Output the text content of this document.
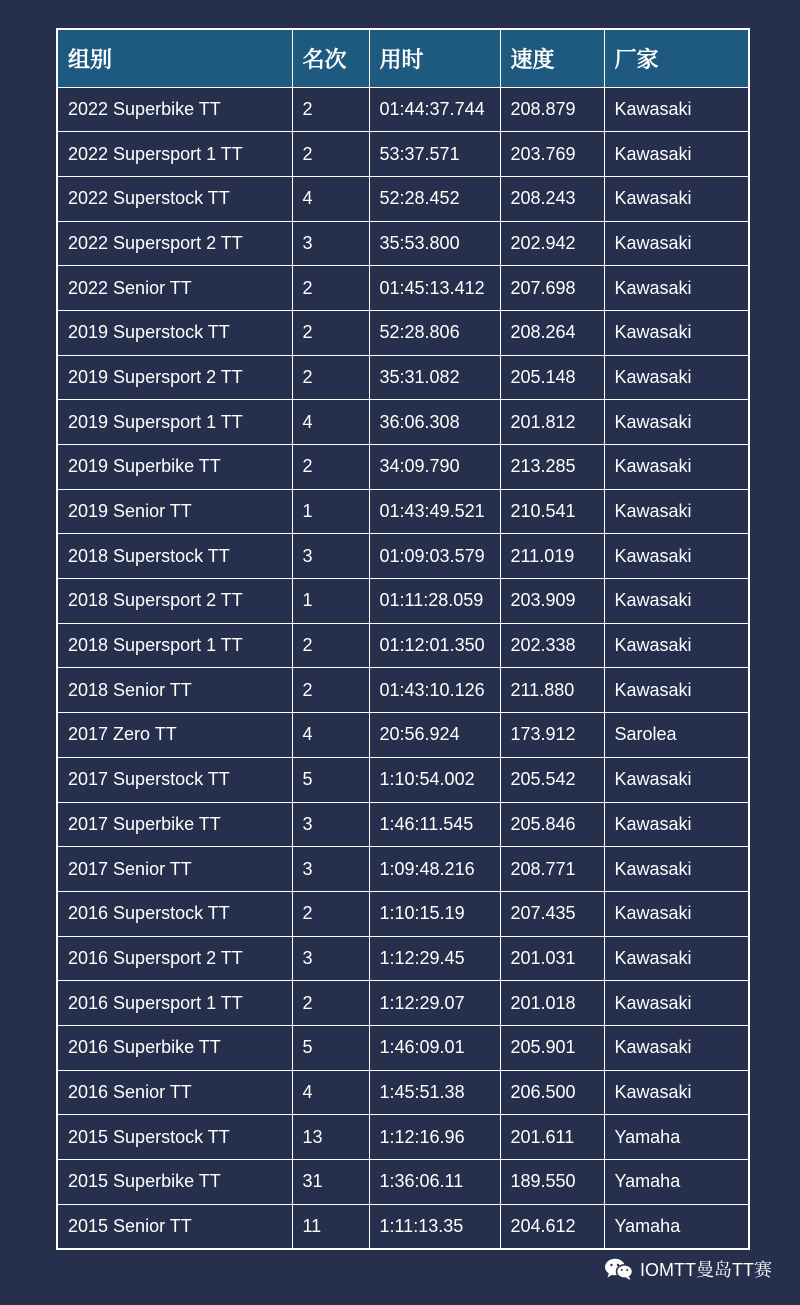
组别	名次	用时	速度	厂家
2022 Superbike TT	2	01:44:37.744	208.879	Kawasaki
2022 Supersport 1 TT	2	53:37.571	203.769	Kawasaki
2022 Superstock TT	4	52:28.452	208.243	Kawasaki
2022 Supersport 2 TT	3	35:53.800	202.942	Kawasaki
2022 Senior TT	2	01:45:13.412	207.698	Kawasaki
2019 Superstock TT	2	52:28.806	208.264	Kawasaki
2019 Supersport 2 TT	2	35:31.082	205.148	Kawasaki
2019 Supersport 1 TT	4	36:06.308	201.812	Kawasaki
2019 Superbike TT	2	34:09.790	213.285	Kawasaki
2019 Senior TT	1	01:43:49.521	210.541	Kawasaki
2018 Superstock TT	3	01:09:03.579	211.019	Kawasaki
2018 Supersport 2 TT	1	01:11:28.059	203.909	Kawasaki
2018 Supersport 1 TT	2	01:12:01.350	202.338	Kawasaki
2018 Senior TT	2	01:43:10.126	211.880	Kawasaki
2017 Zero TT	4	20:56.924	173.912	Sarolea
2017 Superstock TT	5	1:10:54.002	205.542	Kawasaki
2017 Superbike TT	3	1:46:11.545	205.846	Kawasaki
2017 Senior TT	3	1:09:48.216	208.771	Kawasaki
2016 Superstock TT	2	1:10:15.19	207.435	Kawasaki
2016 Supersport 2 TT	3	1:12:29.45	201.031	Kawasaki
2016 Supersport 1 TT	2	1:12:29.07	201.018	Kawasaki
2016 Superbike TT	5	1:46:09.01	205.901	Kawasaki
2016 Senior TT	4	1:45:51.38	206.500	Kawasaki
2015 Superstock TT	13	1:12:16.96	201.611	Yamaha
2015 Superbike TT	31	1:36:06.11	189.550	Yamaha
2015 Senior TT	11	1:11:13.35	204.612	Yamaha
IOMTT曼岛TT赛
